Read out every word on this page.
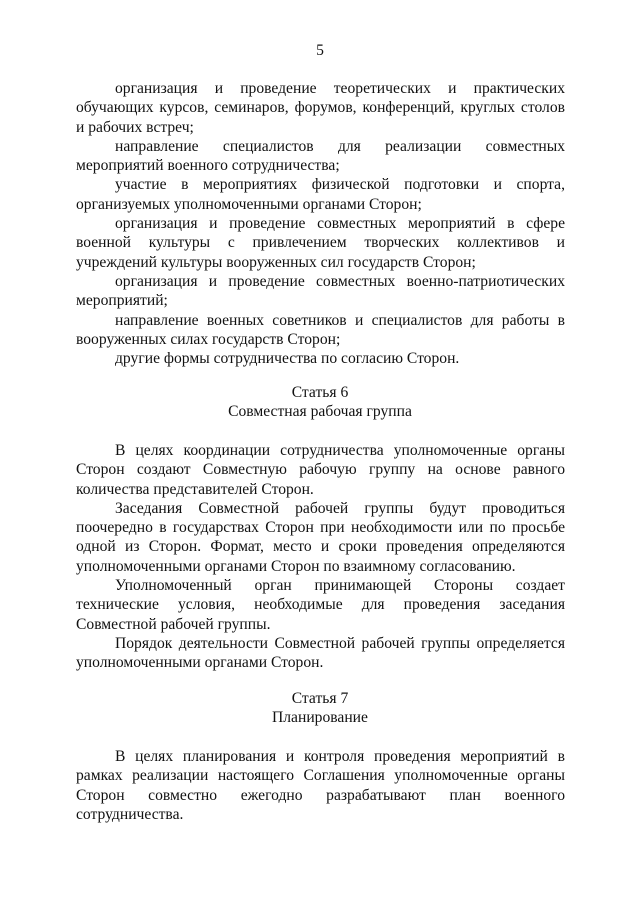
5

организация и проведение теоретических и практических обучающих курсов, семинаров, форумов, конференций, круглых столов и рабочих встреч;

направление специалистов для реализации совместных мероприятий военного сотрудничества;

участие в мероприятиях физической подготовки и спорта, организуемых уполномоченными органами Сторон;

организация и проведение совместных мероприятий в сфере военной культуры с привлечением творческих коллективов и учреждений культуры вооруженных сил государств Сторон;

организация и проведение совместных военно-патриотических мероприятий;

направление военных советников и специалистов для работы в вооруженных силах государств Сторон;

другие формы сотрудничества по согласию Сторон.

Статья 6
Совместная рабочая группа

В целях координации сотрудничества уполномоченные органы Сторон создают Совместную рабочую группу на основе равного количества представителей Сторон.

Заседания Совместной рабочей группы будут проводиться поочередно в государствах Сторон при необходимости или по просьбе одной из Сторон. Формат, место и сроки проведения определяются уполномоченными органами Сторон по взаимному согласованию.

Уполномоченный орган принимающей Стороны создает технические условия, необходимые для проведения заседания Совместной рабочей группы.

Порядок деятельности Совместной рабочей группы определяется уполномоченными органами Сторон.

Статья 7
Планирование

В целях планирования и контроля проведения мероприятий в рамках реализации настоящего Соглашения уполномоченные органы Сторон совместно ежегодно разрабатывают план военного сотрудничества.
